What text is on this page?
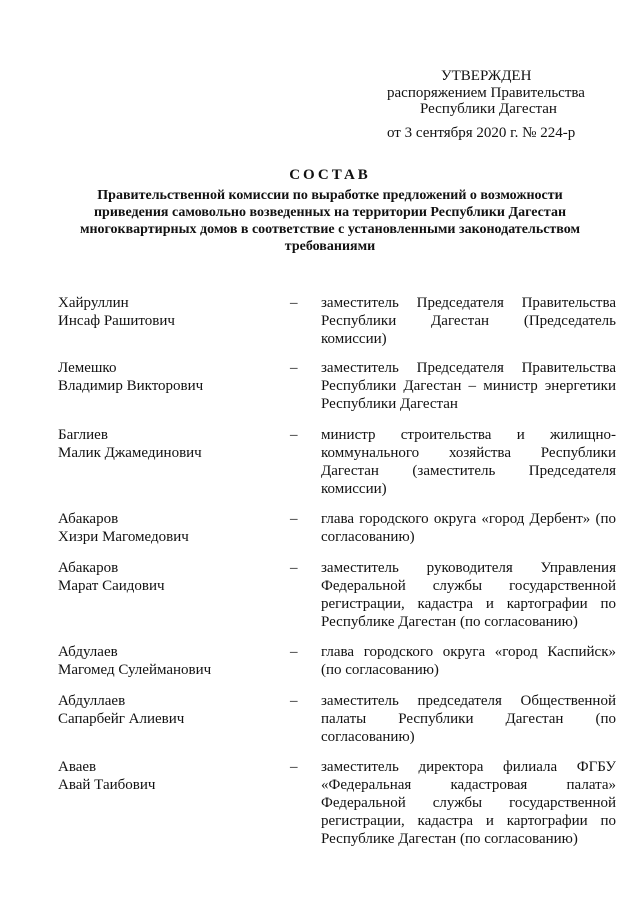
УТВЕРЖДЕН
распоряжением Правительства
Республики Дагестан
от 3 сентября 2020 г. № 224-р
СОСТАВ
Правительственной комиссии по выработке предложений о возможности приведения самовольно возведенных на территории Республики Дагестан многоквартирных домов в соответствие с установленными законодательством требованиями
Хайруллин
Инсаф Рашитович
– заместитель Председателя Правительства Республики Дагестан (Председатель комиссии)
Лемешко
Владимир Викторович
– заместитель Председателя Правительства Республики Дагестан – министр энергетики Республики Дагестан
Баглиев
Малик Джамединович
– министр строительства и жилищно-коммунального хозяйства Республики Дагестан (заместитель Председателя комиссии)
Абакаров
Хизри Магомедович
– глава городского округа «город Дербент» (по согласованию)
Абакаров
Марат Саидович
– заместитель руководителя Управления Федеральной службы государственной регистрации, кадастра и картографии по Республике Дагестан (по согласованию)
Абдулаев
Магомед Сулейманович
– глава городского округа «город Каспийск» (по согласованию)
Абдуллаев
Сапарбейг Алиевич
– заместитель председателя Общественной палаты Республики Дагестан (по согласованию)
Аваев
Авай Таибович
– заместитель директора филиала ФГБУ «Федеральная кадастровая палата» Федеральной службы государственной регистрации, кадастра и картографии по Республике Дагестан (по согласованию)
